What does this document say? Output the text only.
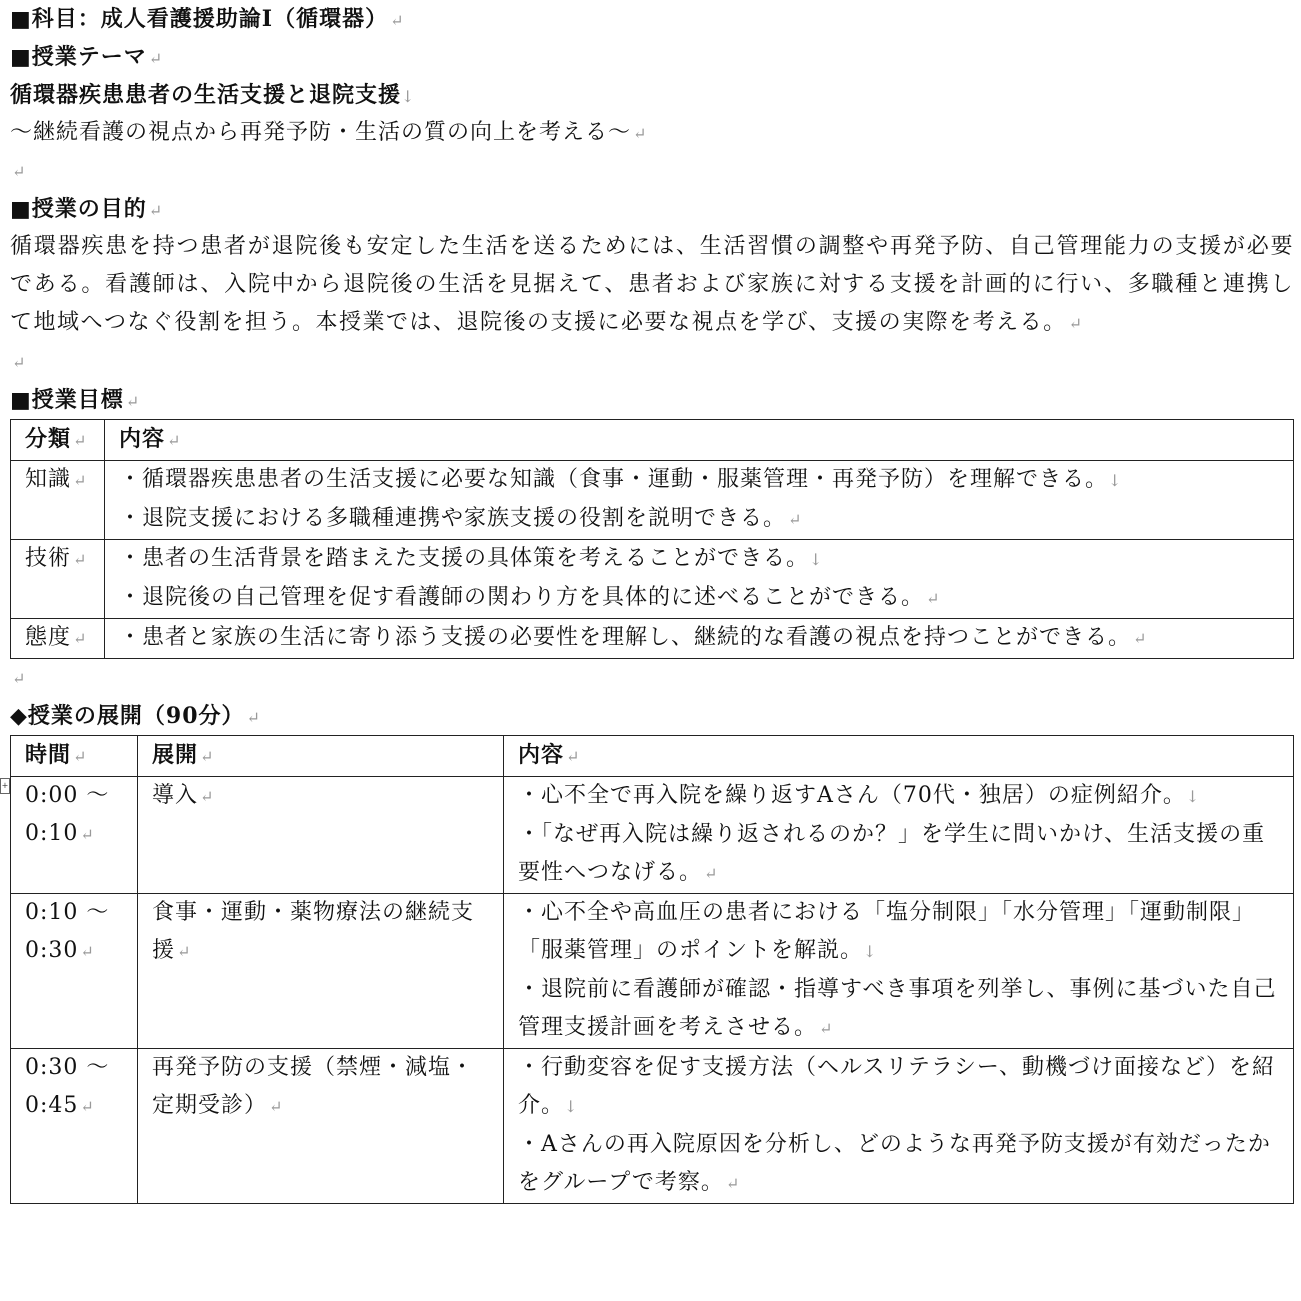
■科目：成人看護援助論Ⅰ（循環器） ↵
■授業テーマ ↵
循環器疾患患者の生活支援と退院支援↓
～継続看護の視点から再発予防・生活の質の向上を考える～ ↵
↵
■授業の目的 ↵
循環器疾患を持つ患者が退院後も安定した生活を送るためには、生活習慣の調整や再発予防、自己管理能力の支援が必要である。看護師は、入院中から退院後の生活を見据えて、患者および家族に対する支援を計画的に行い、多職種と連携して地域へつなぐ役割を担う。本授業では、退院後の支援に必要な視点を学び、支援の実際を考える。 ↵
↵
■授業目標 ↵
分類 ↵	内容 ↵
知識 ↵	・循環器疾患患者の生活支援に必要な知識（食事・運動・服薬管理・再発予防）を理解できる。↓
・退院支援における多職種連携や家族支援の役割を説明できる。 ↵

技術 ↵	・患者の生活背景を踏まえた支援の具体策を考えることができる。↓
・退院後の自己管理を促す看護師の関わり方を具体的に述べることができる。 ↵

態度 ↵	・患者と家族の生活に寄り添う支援の必要性を理解し、継続的な看護の視点を持つことができる。 ↵
↵
◆授業の展開（90分） ↵
時間 ↵	展開 ↵	内容 ↵

0:00 ～
0:10 ↵	導入 ↵	・心不全で再入院を繰り返すAさん（70代・独居）の症例紹介。↓
・「なぜ再入院は繰り返されるのか？」を学生に問いかけ、生活支援の重要性へつなげる。 ↵

0:10 ～
0:30 ↵	食事・運動・薬物療法の継続支援 ↵	・心不全や高血圧の患者における「塩分制限」「水分管理」「運動制限」「服薬管理」のポイントを解説。↓
・退院前に看護師が確認・指導すべき事項を列挙し、事例に基づいた自己管理支援計画を考えさせる。 ↵

0:30 ～
0:45 ↵	再発予防の支援（禁煙・減塩・定期受診） ↵	・行動変容を促す支援方法（ヘルスリテラシー、動機づけ面接など）を紹介。↓
・Aさんの再入院原因を分析し、どのような再発予防支援が有効だったかをグループで考察。 ↵
+
